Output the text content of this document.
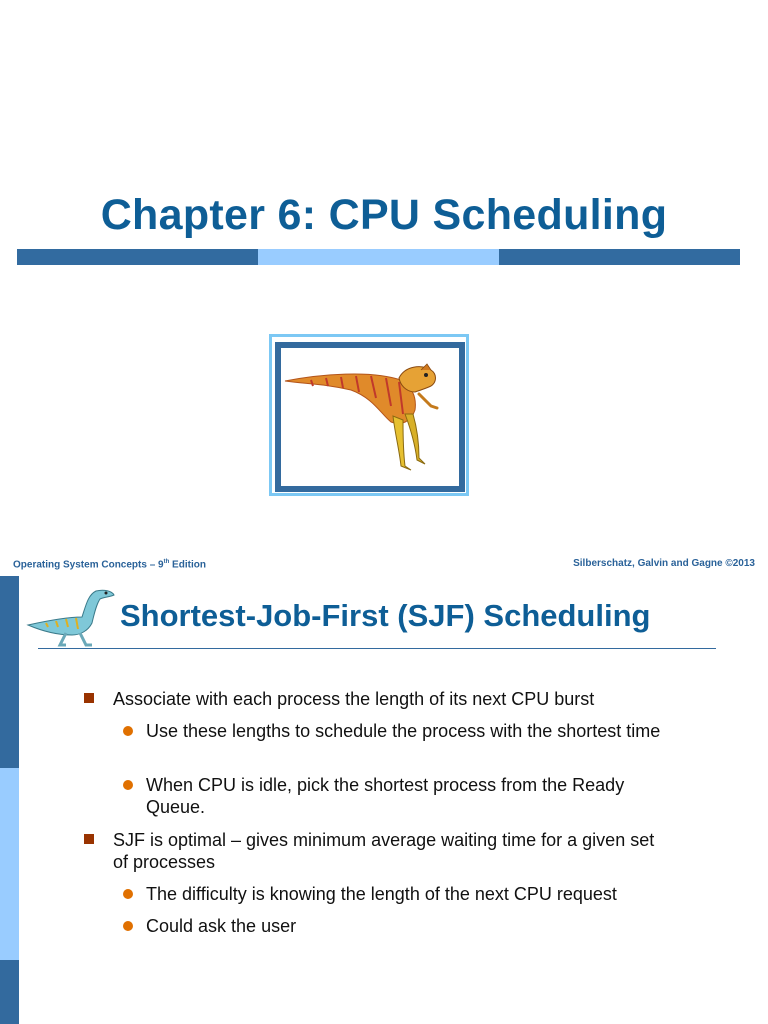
Chapter 6: CPU Scheduling
Operating System Concepts – 9th Edition	Silberschatz, Galvin and Gagne ©2013
Shortest-Job-First (SJF) Scheduling
Associate with each process the length of its next CPU burst
Use these lengths to schedule the process with the shortest time
When CPU is idle, pick the shortest process from the Ready Queue.
SJF is optimal – gives minimum average waiting time for a given set of processes
The difficulty is knowing the length of the next CPU request
Could ask the user
